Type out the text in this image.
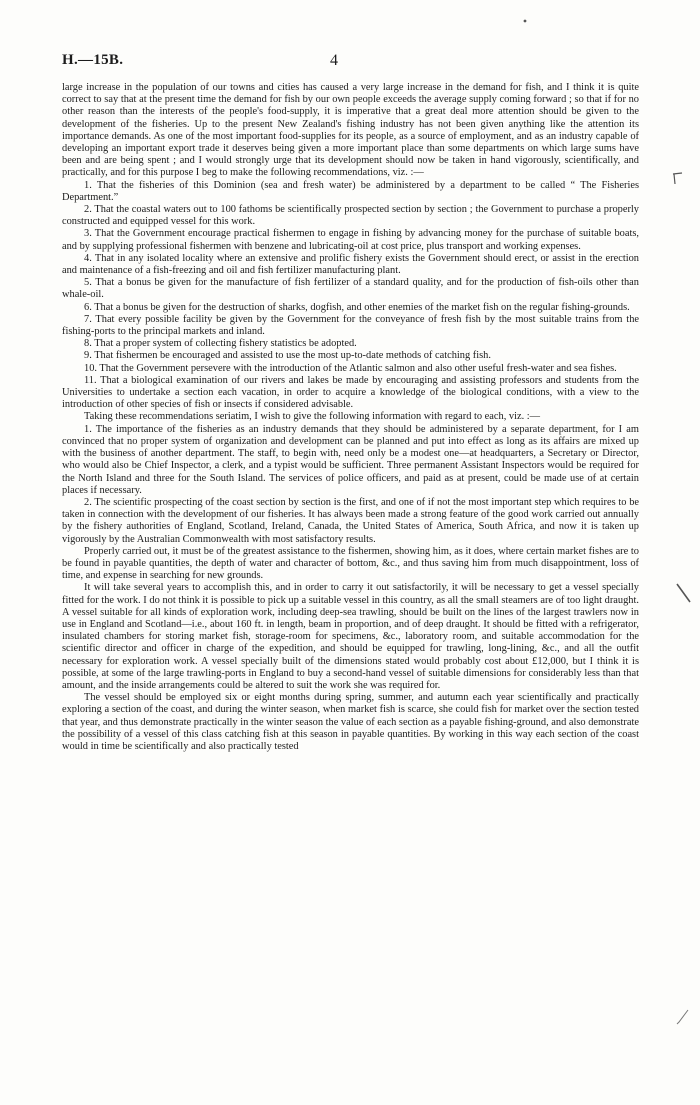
H.—15B.	4

large increase in the population of our towns and cities has caused a very large increase in the demand for fish, and I think it is quite correct to say that at the present time the demand for fish by our own people exceeds the average supply coming forward ; so that if for no other reason than the interests of the people's food-supply, it is imperative that a great deal more attention should be given to the development of the fisheries. Up to the present New Zealand's fishing industry has not been given anything like the attention its importance demands. As one of the most important food-supplies for its people, as a source of employment, and as an industry capable of developing an important export trade it deserves being given a more important place than some departments on which large sums have been and are being spent ; and I would strongly urge that its development should now be taken in hand vigorously, scientifically, and practically, and for this purpose I beg to make the following recommendations, viz. :—

1. That the fisheries of this Dominion (sea and fresh water) be administered by a department to be called “ The Fisheries Department.”

2. That the coastal waters out to 100 fathoms be scientifically prospected section by section ; the Government to purchase a properly constructed and equipped vessel for this work.

3. That the Government encourage practical fishermen to engage in fishing by advancing money for the purchase of suitable boats, and by supplying professional fishermen with benzene and lubricating-oil at cost price, plus transport and working expenses.

4. That in any isolated locality where an extensive and prolific fishery exists the Government should erect, or assist in the erection and maintenance of a fish-freezing and oil and fish fertilizer manufacturing plant.

5. That a bonus be given for the manufacture of fish fertilizer of a standard quality, and for the production of fish-oils other than whale-oil.

6. That a bonus be given for the destruction of sharks, dogfish, and other enemies of the market fish on the regular fishing-grounds.

7. That every possible facility be given by the Government for the conveyance of fresh fish by the most suitable trains from the fishing-ports to the principal markets and inland.

8. That a proper system of collecting fishery statistics be adopted.

9. That fishermen be encouraged and assisted to use the most up-to-date methods of catching fish.

10. That the Government persevere with the introduction of the Atlantic salmon and also other useful fresh-water and sea fishes.

11. That a biological examination of our rivers and lakes be made by encouraging and assisting professors and students from the Universities to undertake a section each vacation, in order to acquire a knowledge of the biological conditions, with a view to the introduction of other species of fish or insects if considered advisable.

Taking these recommendations seriatim, I wish to give the following information with regard to each, viz. :—

1. The importance of the fisheries as an industry demands that they should be administered by a separate department, for I am convinced that no proper system of organization and development can be planned and put into effect as long as its affairs are mixed up with the business of another department. The staff, to begin with, need only be a modest one—at headquarters, a Secretary or Director, who would also be Chief Inspector, a clerk, and a typist would be sufficient. Three permanent Assistant Inspectors would be required for the North Island and three for the South Island. The services of police officers, and paid as at present, could be made use of at certain places if necessary.

2. The scientific prospecting of the coast section by section is the first, and one of if not the most important step which requires to be taken in connection with the development of our fisheries. It has always been made a strong feature of the good work carried out annually by the fishery authorities of England, Scotland, Ireland, Canada, the United States of America, South Africa, and now it is taken up vigorously by the Australian Commonwealth with most satisfactory results.

Properly carried out, it must be of the greatest assistance to the fishermen, showing him, as it does, where certain market fishes are to be found in payable quantities, the depth of water and character of bottom, &c., and thus saving him from much disappointment, loss of time, and expense in searching for new grounds.

It will take several years to accomplish this, and in order to carry it out satisfactorily, it will be necessary to get a vessel specially fitted for the work. I do not think it is possible to pick up a suitable vessel in this country, as all the small steamers are of too light draught. A vessel suitable for all kinds of exploration work, including deep-sea trawling, should be built on the lines of the largest trawlers now in use in England and Scotland—i.e., about 160 ft. in length, beam in proportion, and of deep draught. It should be fitted with a refrigerator, insulated chambers for storing market fish, storage-room for specimens, &c., laboratory room, and suitable accommodation for the scientific director and officer in charge of the expedition, and should be equipped for trawling, long-lining, &c., and all the outfit necessary for exploration work. A vessel specially built of the dimensions stated would probably cost about £12,000, but I think it is possible, at some of the large trawling-ports in England to buy a second-hand vessel of suitable dimensions for considerably less than that amount, and the inside arrangements could be altered to suit the work she was required for.

The vessel should be employed six or eight months during spring, summer, and autumn each year scientifically and practically exploring a section of the coast, and during the winter season, when market fish is scarce, she could fish for market over the section tested that year, and thus demonstrate practically in the winter season the value of each section as a payable fishing-ground, and also demonstrate the possibility of a vessel of this class catching fish at this season in payable quantities. By working in this way each section of the coast would in time be scientifically and also practically tested
